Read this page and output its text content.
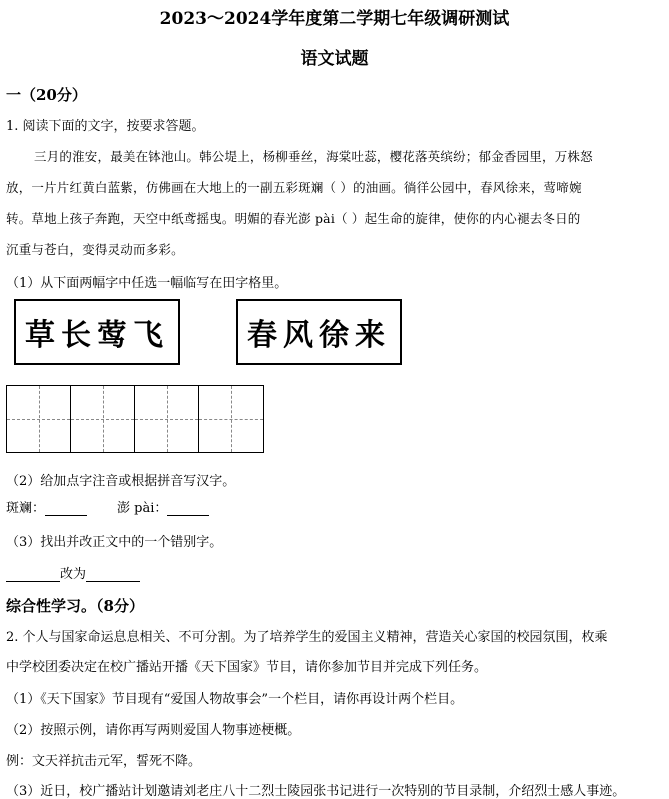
2023～2024学年度第二学期七年级调研测试
语文试题
一（20分）
1. 阅读下面的文字，按要求答题。
三月的淮安，最美在钵池山。韩公堤上，杨柳垂丝，海棠吐蕊，樱花落英缤纷；郁金香园里，万株怒
放，一片片红黄白蓝紫，仿佛画在大地上的一副五彩斑斓（ ）的油画。徜徉公园中，春风徐来，莺啼婉
转。草地上孩子奔跑，天空中纸鸢摇曳。明媚的春光澎 pài（ ）起生命的旋律，使你的内心褪去冬日的
沉重与苍白，变得灵动而多彩。
（1）从下面两幅字中任选一幅临写在田字格里。
草长莺飞	春风徐来
（2）给加点字注音或根据拼音写汉字。
斑斓：	澎 pài：
（3）找出并改正文中的一个错别字。
改为
综合性学习。（8分）
2. 个人与国家命运息息相关、不可分割。为了培养学生的爱国主义精神，营造关心家国的校园氛围，枚乘
中学校团委决定在校广播站开播《天下国家》节目，请你参加节目并完成下列任务。
（1）《天下国家》节目现有“爱国人物故事会”一个栏目，请你再设计两个栏目。
（2）按照示例，请你再写两则爱国人物事迹梗概。
例：文天祥抗击元军，誓死不降。
（3）近日，校广播站计划邀请刘老庄八十二烈士陵园张书记进行一次特别的节目录制，介绍烈士感人事迹。
